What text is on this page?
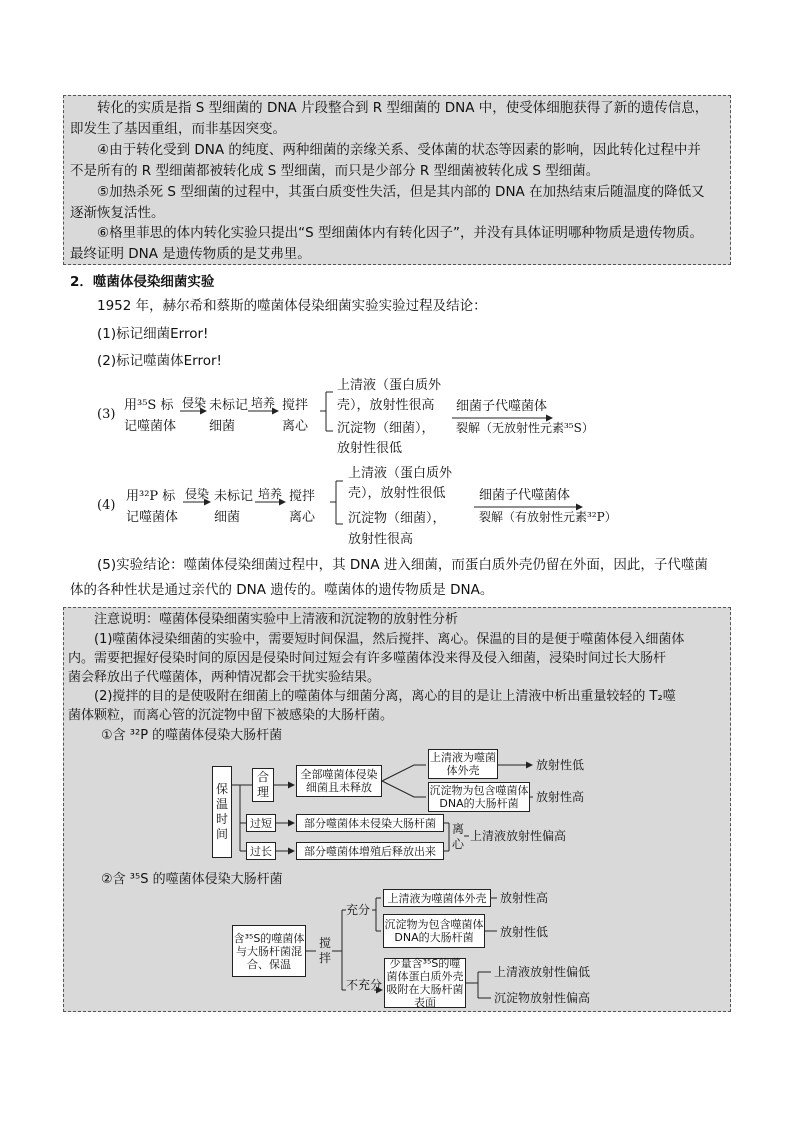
转化的实质是指 S 型细菌的 DNA 片段整合到 R 型细菌的 DNA 中，使受体细胞获得了新的遗传信息，
即发生了基因重组，而非基因突变。
④由于转化受到 DNA 的纯度、两种细菌的亲缘关系、受体菌的状态等因素的影响，因此转化过程中并
不是所有的 R 型细菌都被转化成 S 型细菌，而只是少部分 R 型细菌被转化成 S 型细菌。
⑤加热杀死 S 型细菌的过程中，其蛋白质变性失活，但是其内部的 DNA 在加热结束后随温度的降低又
逐渐恢复活性。
⑥格里菲思的体内转化实验只提出“S 型细菌体内有转化因子”，并没有具体证明哪种物质是遗传物质。
最终证明 DNA 是遗传物质的是艾弗里。
2．噬菌体侵染细菌实验
1952 年，赫尔希和蔡斯的噬菌体侵染细菌实验实验过程及结论：
(1)标记细菌Error!
(2)标记噬菌体Error!
(3)
用³⁵S 标
记噬菌体
侵染 未标记
细菌
培养 搅拌
离心
上清液（蛋白质外
壳），放射性很高
沉淀物（细菌），
放射性很低
细菌子代噬菌体
裂解（无放射性元素³⁵S）
(4)
用³²P 标
记噬菌体
侵染 未标记
细菌
培养 搅拌
离心
上清液（蛋白质外
壳），放射性很低
沉淀物（细菌），
放射性很高
细菌子代噬菌体
裂解（有放射性元素³²P）
(5)实验结论：噬菌体侵染细菌过程中，其 DNA 进入细菌，而蛋白质外壳仍留在外面，因此，子代噬菌
体的各种性状是通过亲代的 DNA 遗传的。噬菌体的遗传物质是 DNA。
注意说明：噬菌体侵染细菌实验中上清液和沉淀物的放射性分析
(1)噬菌体浸染细菌的实验中，需要短时间保温，然后搅拌、离心。保温的目的是便于噬菌体侵入细菌体
内。需要把握好侵染时间的原因是侵染时间过短会有许多噬菌体没来得及侵入细菌，浸染时间过长大肠杆
菌会释放出子代噬菌体，两种情况都会干扰实验结果。
(2)搅拌的目的是使吸附在细菌上的噬菌体与细菌分离，离心的目的是让上清液中析出重量较轻的 T₂噬
菌体颗粒，而离心管的沉淀物中留下被感染的大肠杆菌。
①含 ³²P 的噬菌体侵染大肠杆菌
保温时间
合理
全部噬菌体侵染细菌且未释放
上清液为噬菌体外壳
沉淀物为包含噬菌体DNA的大肠杆菌
放射性低
放射性高
过短	部分噬菌体未侵染大肠杆菌
过长	部分噬菌体增殖后释放出来
离心
上清液放射性偏高
②含 ³⁵S 的噬菌体侵染大肠杆菌
含³⁵S的噬菌体与大肠杆菌混合、保温
搅拌
充分
不充分
上清液为噬菌体外壳
沉淀物为包含噬菌体DNA的大肠杆菌
放射性高
放射性低
少量含³⁵S的噬菌体蛋白质外壳吸附在大肠杆菌表面
上清液放射性偏低
沉淀物放射性偏高
